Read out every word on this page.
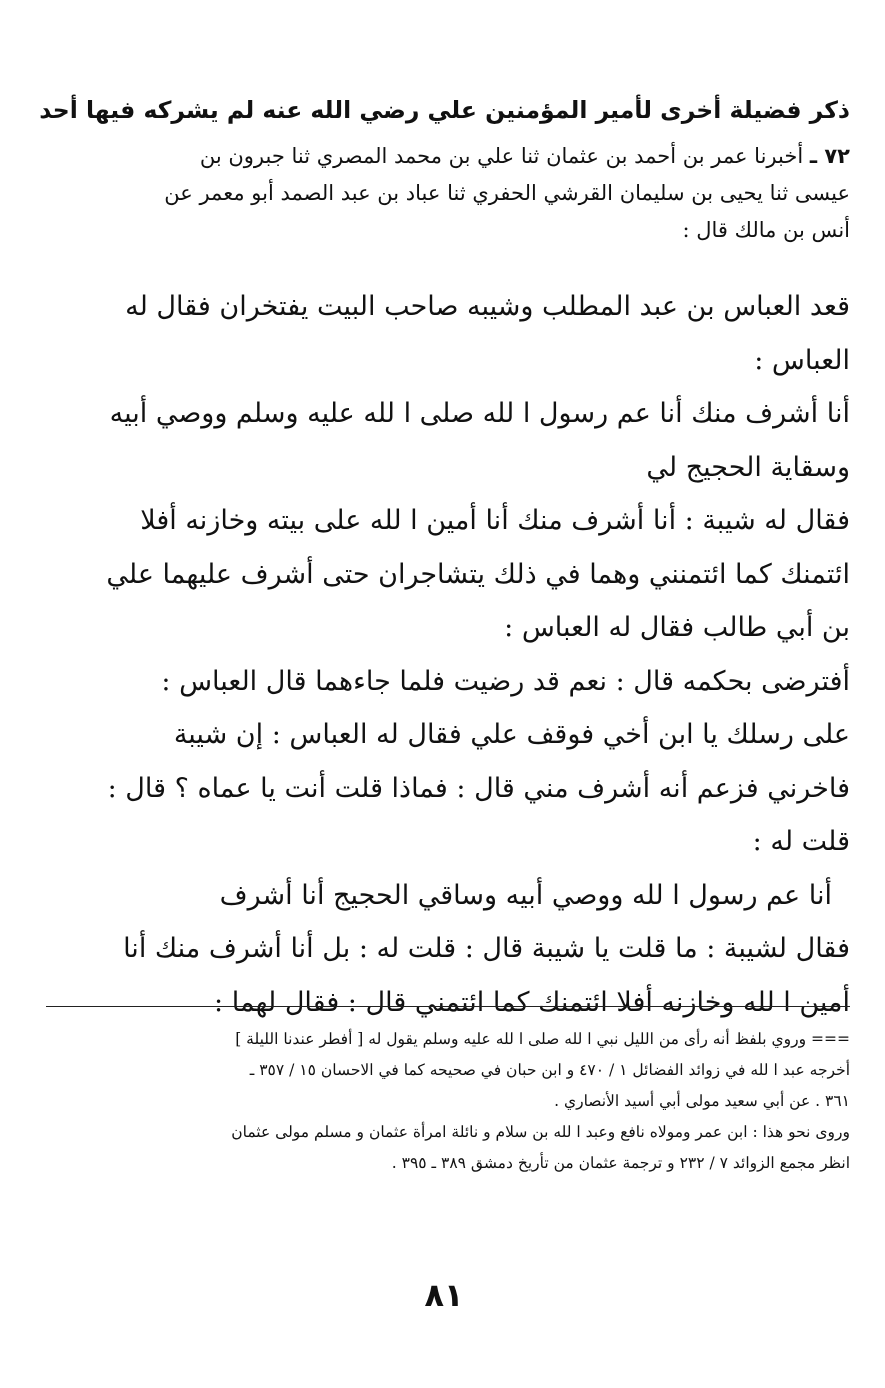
ذكر فضيلة أخرى لأمير المؤمنين علي رضي الله عنه لم يشركه فيها أحد
٧٢ ـ أخبرنا عمر بن أحمد بن عثمان ثنا علي بن محمد المصري ثنا جبرون بن
عيسى ثنا يحيى بن سليمان القرشي الحفري ثنا عباد بن عبد الصمد أبو معمر عن
أنس بن مالك قال :
قعد العباس بن عبد المطلب وشيبه صاحب البيت يفتخران فقال له
العباس :
أنا أشرف منك أنا عم رسول ا لله صلى ا لله عليه وسلم ووصي أبيه
وسقاية الحجيج لي
فقال له شيبة : أنا أشرف منك أنا أمين ا لله على بيته وخازنه أفلا
ائتمنك كما ائتمنني وهما في ذلك يتشاجران حتى أشرف عليهما علي
بن أبي طالب فقال له العباس :
أفترضى بحكمه قال : نعم قد رضيت فلما جاءهما قال العباس :
على رسلك يا ابن أخي فوقف علي فقال له العباس : إن شيبة
فاخرني فزعم أنه أشرف مني قال : فماذا قلت أنت يا عماه ؟ قال :
قلت له :
أنا عم رسول ا لله ووصي أبيه وساقي الحجيج أنا أشرف
فقال لشيبة : ما قلت يا شيبة قال : قلت له : بل أنا أشرف منك أنا
أمين ا لله وخازنه أفلا ائتمنك كما ائتمني قال : فقال لهما :
=== وروي بلفظ أنه رأى من الليل نبي ا لله صلى ا لله عليه وسلم يقول له [ أفطر عندنا الليلة ]
أخرجه عبد ا لله في زوائد الفضائل ١ / ٤٧٠ و ابن حبان في صحيحه كما في الاحسان ١٥ / ٣٥٧ ـ
٣٦١ . عن أبي سعيد مولى أبي أسيد الأنصاري .
وروى نحو هذا : ابن عمر ومولاه نافع وعبد ا لله بن سلام و نائلة امرأة عثمان و مسلم مولى عثمان
انظر مجمع الزوائد ٧ / ٢٣٢ و ترجمة عثمان من تأريخ دمشق ٣٨٩ ـ ٣٩٥ .
٨١
